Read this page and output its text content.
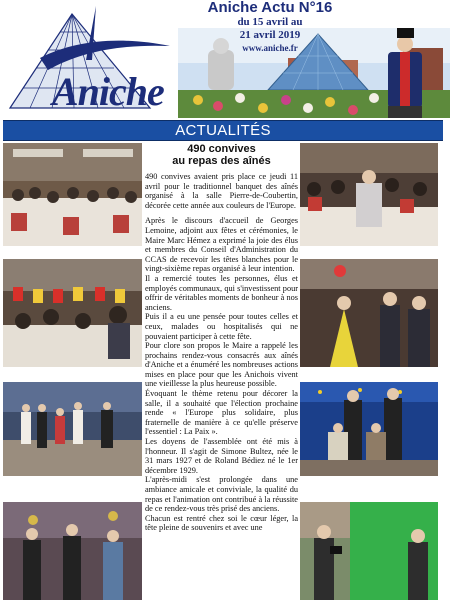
Aniche
Aniche Actu N°16
du 15 avril au
21 avril 2019
www.aniche.fr
ACTUALITÉS
490 convives
au repas des aînés

490 convives avaient pris place ce jeudi 11 avril pour le traditionnel banquet des aînés organisé à la salle Pierre-de-Coubertin, décorée cette année aux couleurs de l'Europe.

Après le discours d'accueil de Georges Lemoine, adjoint aux fêtes et cérémonies, le Maire Marc Hémez a exprimé la joie des élus et membres du Conseil d'Administration du CCAS de recevoir les têtes blanches pour le vingt-sixième repas organisé à leur intention.

Il a remercié toutes les personnes, élus et employés communaux, qui s'investissent pour offrir de véritables moments de bonheur à nos anciens.

Puis il a eu une pensée pour toutes celles et ceux, malades ou hospitalisés qui ne pouvaient participer à cette fête.

Pour clore son propos le Maire a rappelé les prochains rendez-vous consacrés aux aînés d'Aniche et a énuméré les nombreuses actions mises en place pour que les Anichois vivent une vieillesse la plus heureuse possible.

Évoquant le thème retenu pour décorer la salle, il a souhaité que l'élection prochaine rende « l'Europe plus solidaire, plus fraternelle de manière à ce qu'elle préserve l'essentiel : La Paix ».

Les doyens de l'assemblée ont été mis à l'honneur. Il s'agit de Simone Bultez, née le 31 mars 1927 et de Roland Bédiez né le 1er décembre 1929.

L'après-midi s'est prolongée dans une ambiance amicale et conviviale, la qualité du repas et l'animation ont contribué à la réussite de ce rendez-vous très prisé des anciens.

Chacun est rentré chez soi le cœur léger, la tête pleine de souvenirs et avec une
